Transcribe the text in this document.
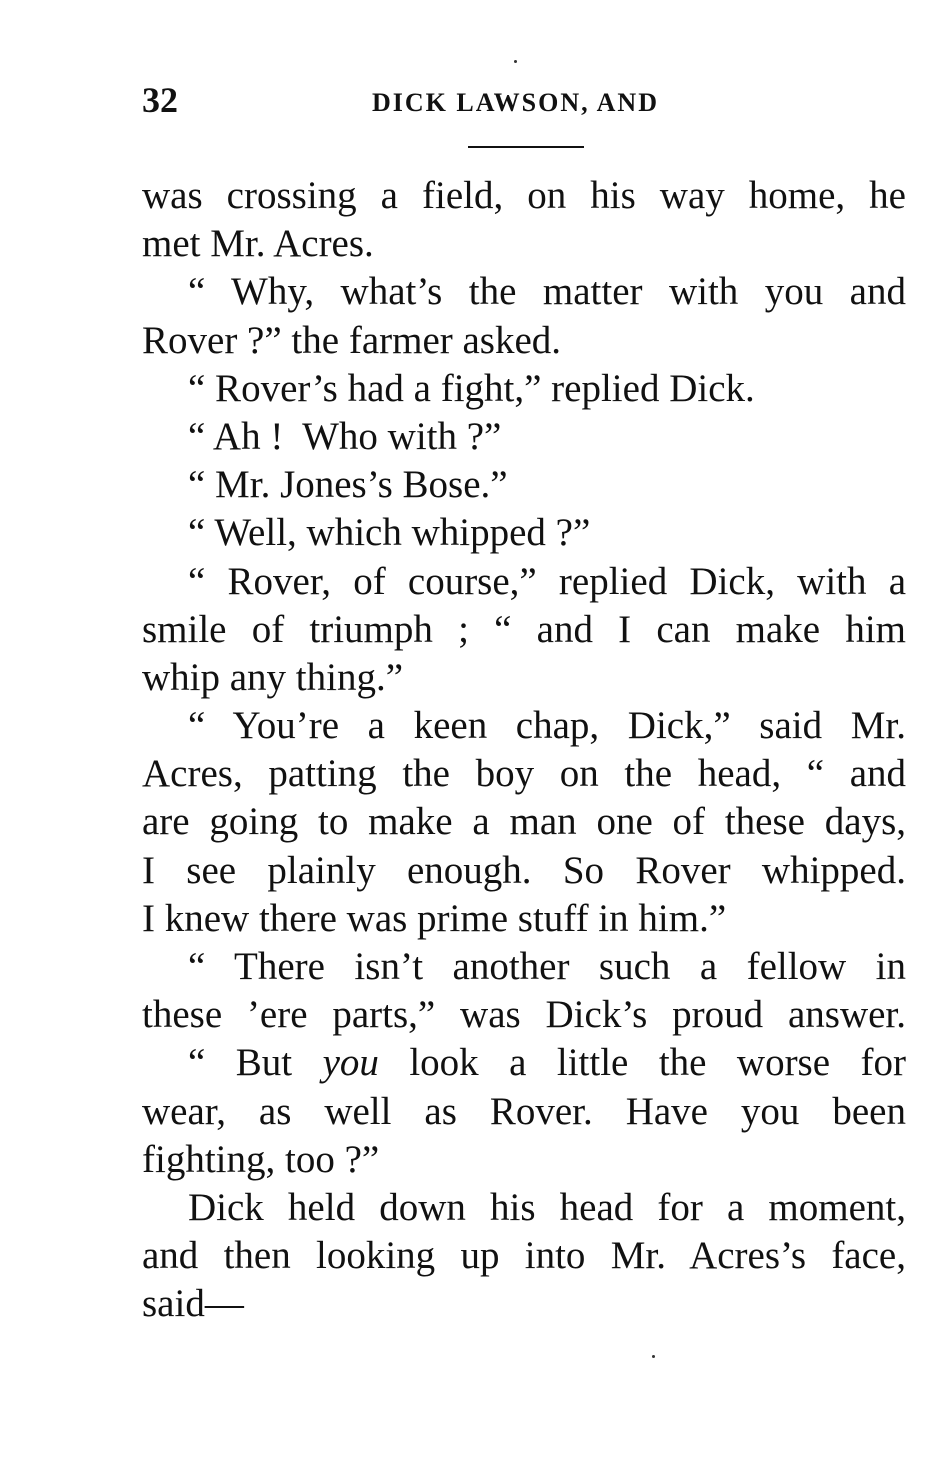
32	DICK LAWSON, AND
was crossing a field, on his way home, he
met Mr. Acres.
“ Why, what’s the matter with you and
Rover ?” the farmer asked.
“ Rover’s had a fight,” replied Dick.
“ Ah !  Who with ?”
“ Mr. Jones’s Bose.”
“ Well, which whipped ?”
“ Rover, of course,” replied Dick, with a
smile of triumph ; “ and I can make him
whip any thing.”
“ You’re a keen chap, Dick,” said Mr.
Acres, patting the boy on the head, “ and
are going to make a man one of these days,
I see plainly enough. So Rover whipped.
I knew there was prime stuff in him.”
“ There isn’t another such a fellow in
these ’ere parts,” was Dick’s proud answer.
“ But you look a little the worse for
wear, as well as Rover. Have you been
fighting, too ?”
Dick held down his head for a moment,
and then looking up into Mr. Acres’s face,
said—
